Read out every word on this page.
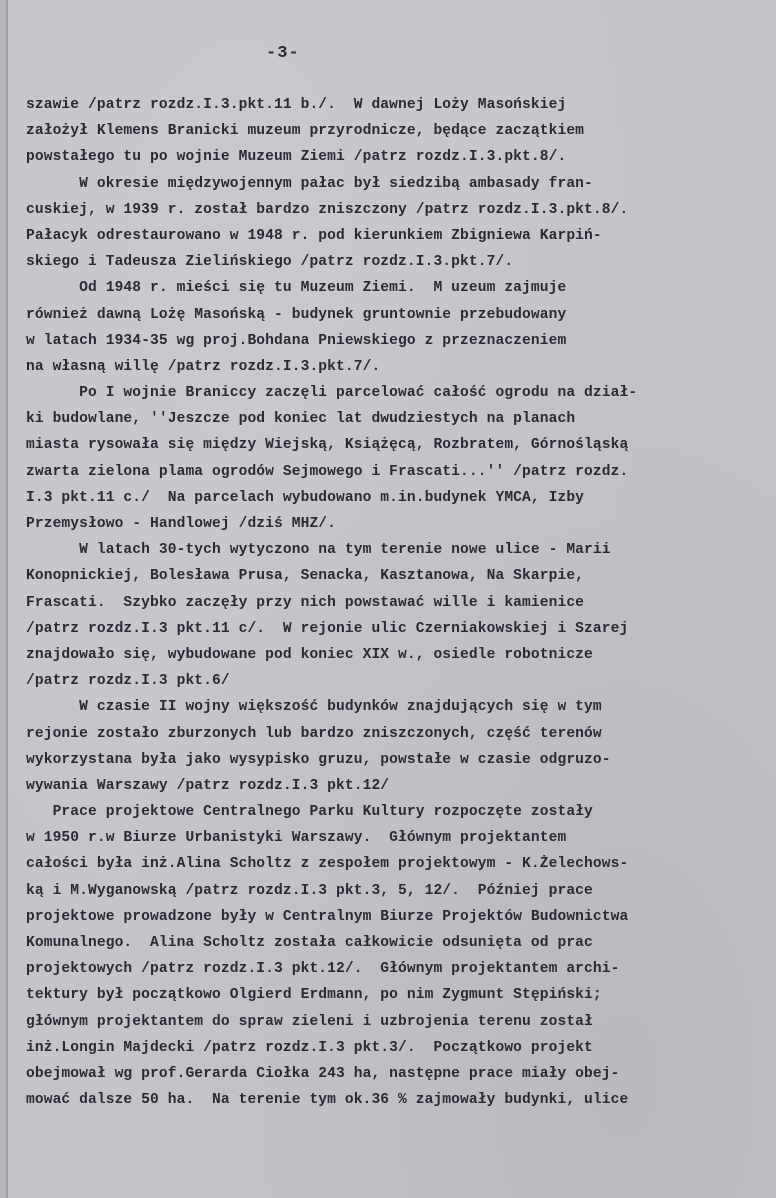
-3-
szawie /patrz rozdz.I.3.pkt.11 b./.  W dawnej Loży Masońskiej
założył Klemens Branicki muzeum przyrodnicze, będące zaczątkiem
powstałego tu po wojnie Muzeum Ziemi /patrz rozdz.I.3.pkt.8/.
W okresie międzywojennym pałac był siedzibą ambasady fran-
cuskiej, w 1939 r. został bardzo zniszczony /patrz rozdz.I.3.pkt.8/.
Pałacyk odrestaurowano w 1948 r. pod kierunkiem Zbigniewa Karpiń-
skiego i Tadeusza Zielińskiego /patrz rozdz.I.3.pkt.7/.
Od 1948 r. mieści się tu Muzeum Ziemi.  M uzeum zajmuje
również dawną Lożę Masońską - budynek gruntownie przebudowany
w latach 1934-35 wg proj.Bohdana Pniewskiego z przeznaczeniem
na własną willę /patrz rozdz.I.3.pkt.7/.
Po I wojnie Braniccy zaczęli parcelować całość ogrodu na dział-
ki budowlane, ''Jeszcze pod koniec lat dwudziestych na planach
miasta rysowała się między Wiejską, Książęcą, Rozbratem, Górnośląską
zwarta zielona plama ogrodów Sejmowego i Frascati...'' /patrz rozdz.
I.3 pkt.11 c./  Na parcelach wybudowano m.in.budynek YMCA, Izby
Przemysłowo - Handlowej /dziś MHZ/.
W latach 30-tych wytyczono na tym terenie nowe ulice - Marii
Konopnickiej, Bolesława Prusa, Senacka, Kasztanowa, Na Skarpie,
Frascati.  Szybko zaczęły przy nich powstawać wille i kamienice
/patrz rozdz.I.3 pkt.11 c/.  W rejonie ulic Czerniakowskiej i Szarej
znajdowało się, wybudowane pod koniec XIX w., osiedle robotnicze
/patrz rozdz.I.3 pkt.6/
W czasie II wojny większość budynków znajdujących się w tym
rejonie zostało zburzonych lub bardzo zniszczonych, część terenów
wykorzystana była jako wysypisko gruzu, powstałe w czasie odgruzo-
wywania Warszawy /patrz rozdz.I.3 pkt.12/
Prace projektowe Centralnego Parku Kultury rozpoczęte zostały
w 1950 r.w Biurze Urbanistyki Warszawy.  Głównym projektantem
całości była inż.Alina Scholtz z zespołem projektowym - K.Żelechows-
ką i M.Wyganowską /patrz rozdz.I.3 pkt.3, 5, 12/.  Później prace
projektowe prowadzone były w Centralnym Biurze Projektów Budownictwa
Komunalnego.  Alina Scholtz została całkowicie odsunięta od prac
projektowych /patrz rozdz.I.3 pkt.12/.  Głównym projektantem archi-
tektury był początkowo Olgierd Erdmann, po nim Zygmunt Stępiński;
głównym projektantem do spraw zieleni i uzbrojenia terenu został
inż.Longin Majdecki /patrz rozdz.I.3 pkt.3/.  Początkowo projekt
obejmował wg prof.Gerarda Ciołka 243 ha, następne prace miały obej-
mować dalsze 50 ha.  Na terenie tym ok.36 % zajmowały budynki, ulice
